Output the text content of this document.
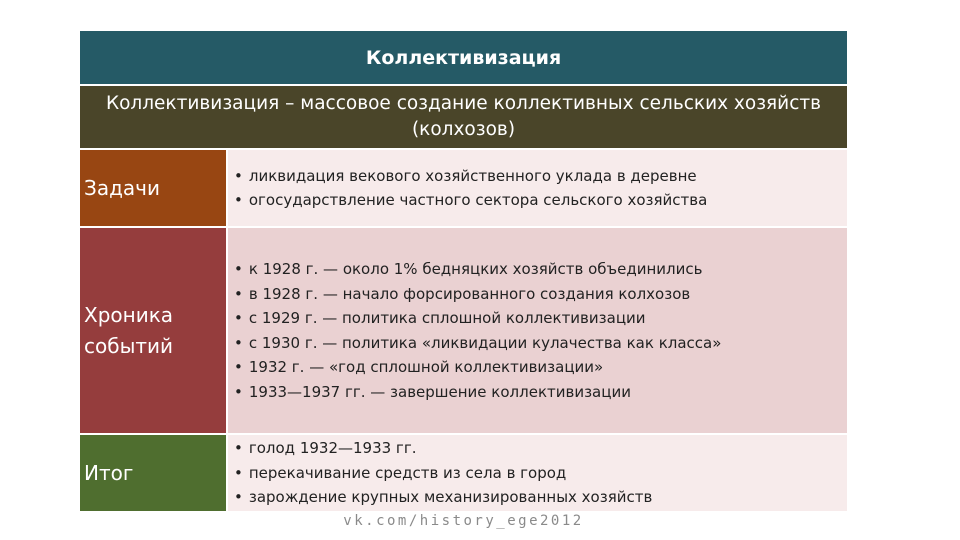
Коллективизация
Коллективизация – массовое создание коллективных сельских хозяйств (колхозов)
Задачи
•	ликвидация векового хозяйственного уклада в деревне
• огосударствление частного сектора сельского хозяйства
Хроника событий
• к 1928 г. — около 1% бедняцких хозяйств объединились
• в 1928 г. — начало форсированного создания колхозов
• с 1929 г. — политика сплошной коллективизации
• с 1930 г. — политика «ликвидации кулачества как класса»
• 1932 г. — «год сплошной коллективизации»
• 1933—1937 гг. — завершение коллективизации
Итог
• голод 1932—1933 гг.
• перекачивание средств из села в город
• зарождение крупных механизированных хозяйств
vk.com/history_ege2012
